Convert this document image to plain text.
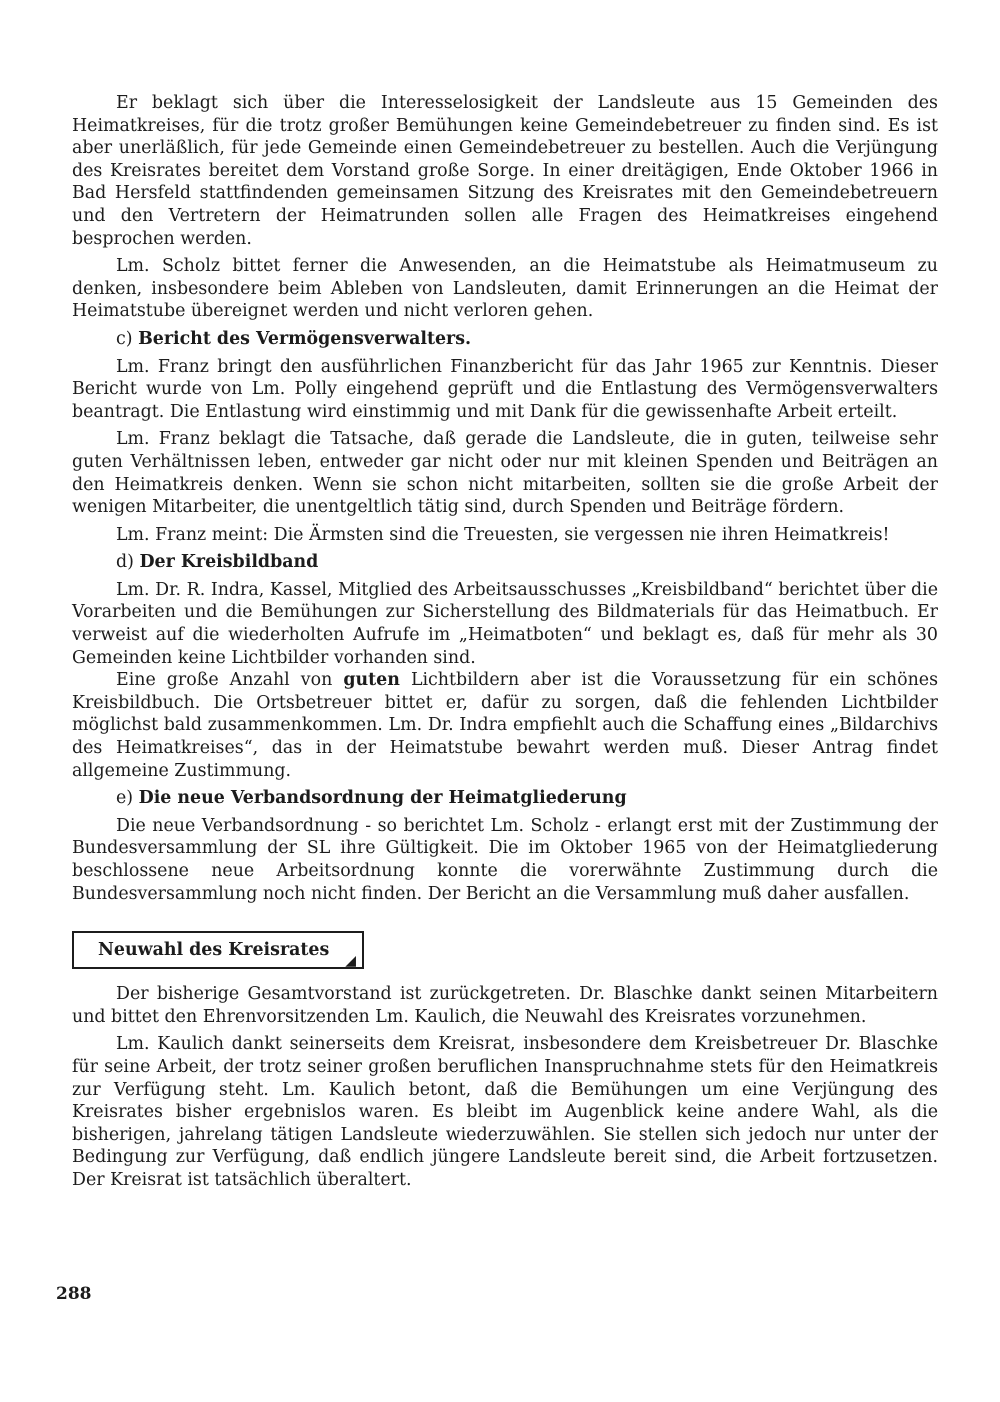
Er beklagt sich über die Interesselosigkeit der Landsleute aus 15 Gemeinden des Heimatkreises, für die trotz großer Bemühungen keine Gemeindebetreuer zu finden sind. Es ist aber unerläßlich, für jede Gemeinde einen Gemeindebetreuer zu bestellen. Auch die Verjüngung des Kreisrates bereitet dem Vorstand große Sorge. In einer dreitägigen, Ende Oktober 1966 in Bad Hersfeld stattfindenden gemeinsamen Sitzung des Kreisrates mit den Gemeindebetreuern und den Vertretern der Heimatrunden sollen alle Fragen des Heimatkreises eingehend besprochen werden.

Lm. Scholz bittet ferner die Anwesenden, an die Heimatstube als Heimatmuseum zu denken, insbesondere beim Ableben von Landsleuten, damit Erinnerungen an die Heimat der Heimatstube übereignet werden und nicht verloren gehen.

c) Bericht des Vermögensverwalters.

Lm. Franz bringt den ausführlichen Finanzbericht für das Jahr 1965 zur Kenntnis. Dieser Bericht wurde von Lm. Polly eingehend geprüft und die Entlastung des Vermögensverwalters beantragt. Die Entlastung wird einstimmig und mit Dank für die gewissenhafte Arbeit erteilt.

Lm. Franz beklagt die Tatsache, daß gerade die Landsleute, die in guten, teilweise sehr guten Verhältnissen leben, entweder gar nicht oder nur mit kleinen Spenden und Beiträgen an den Heimatkreis denken. Wenn sie schon nicht mitarbeiten, sollten sie die große Arbeit der wenigen Mitarbeiter, die unentgeltlich tätig sind, durch Spenden und Beiträge fördern.

Lm. Franz meint: Die Ärmsten sind die Treuesten, sie vergessen nie ihren Heimatkreis!

d) Der Kreisbildband

Lm. Dr. R. Indra, Kassel, Mitglied des Arbeitsausschusses „Kreisbildband“ berichtet über die Vorarbeiten und die Bemühungen zur Sicherstellung des Bildmaterials für das Heimatbuch. Er verweist auf die wiederholten Aufrufe im „Heimatboten“ und beklagt es, daß für mehr als 30 Gemeinden keine Lichtbilder vorhanden sind.

Eine große Anzahl von guten Lichtbildern aber ist die Voraussetzung für ein schönes Kreisbildbuch. Die Ortsbetreuer bittet er, dafür zu sorgen, daß die fehlenden Lichtbilder möglichst bald zusammenkommen. Lm. Dr. Indra empfiehlt auch die Schaffung eines „Bildarchivs des Heimatkreises“, das in der Heimatstube bewahrt werden muß. Dieser Antrag findet allgemeine Zustimmung.

e) Die neue Verbandsordnung der Heimatgliederung

Die neue Verbandsordnung - so berichtet Lm. Scholz - erlangt erst mit der Zustimmung der Bundesversammlung der SL ihre Gültigkeit. Die im Oktober 1965 von der Heimatgliederung beschlossene neue Arbeitsordnung konnte die vorerwähnte Zustimmung durch die Bundesversammlung noch nicht finden. Der Bericht an die Versammlung muß daher ausfallen.

Neuwahl des Kreisrates
◢

Der bisherige Gesamtvorstand ist zurückgetreten. Dr. Blaschke dankt seinen Mitarbeitern und bittet den Ehrenvorsitzenden Lm. Kaulich, die Neuwahl des Kreisrates vorzunehmen.

Lm. Kaulich dankt seinerseits dem Kreisrat, insbesondere dem Kreisbetreuer Dr. Blaschke für seine Arbeit, der trotz seiner großen beruflichen Inanspruchnahme stets für den Heimatkreis zur Verfügung steht. Lm. Kaulich betont, daß die Bemühungen um eine Verjüngung des Kreisrates bisher ergebnislos waren. Es bleibt im Augenblick keine andere Wahl, als die bisherigen, jahrelang tätigen Landsleute wiederzuwählen. Sie stellen sich jedoch nur unter der Bedingung zur Verfügung, daß endlich jüngere Landsleute bereit sind, die Arbeit fortzusetzen. Der Kreisrat ist tatsächlich überaltert.

288
